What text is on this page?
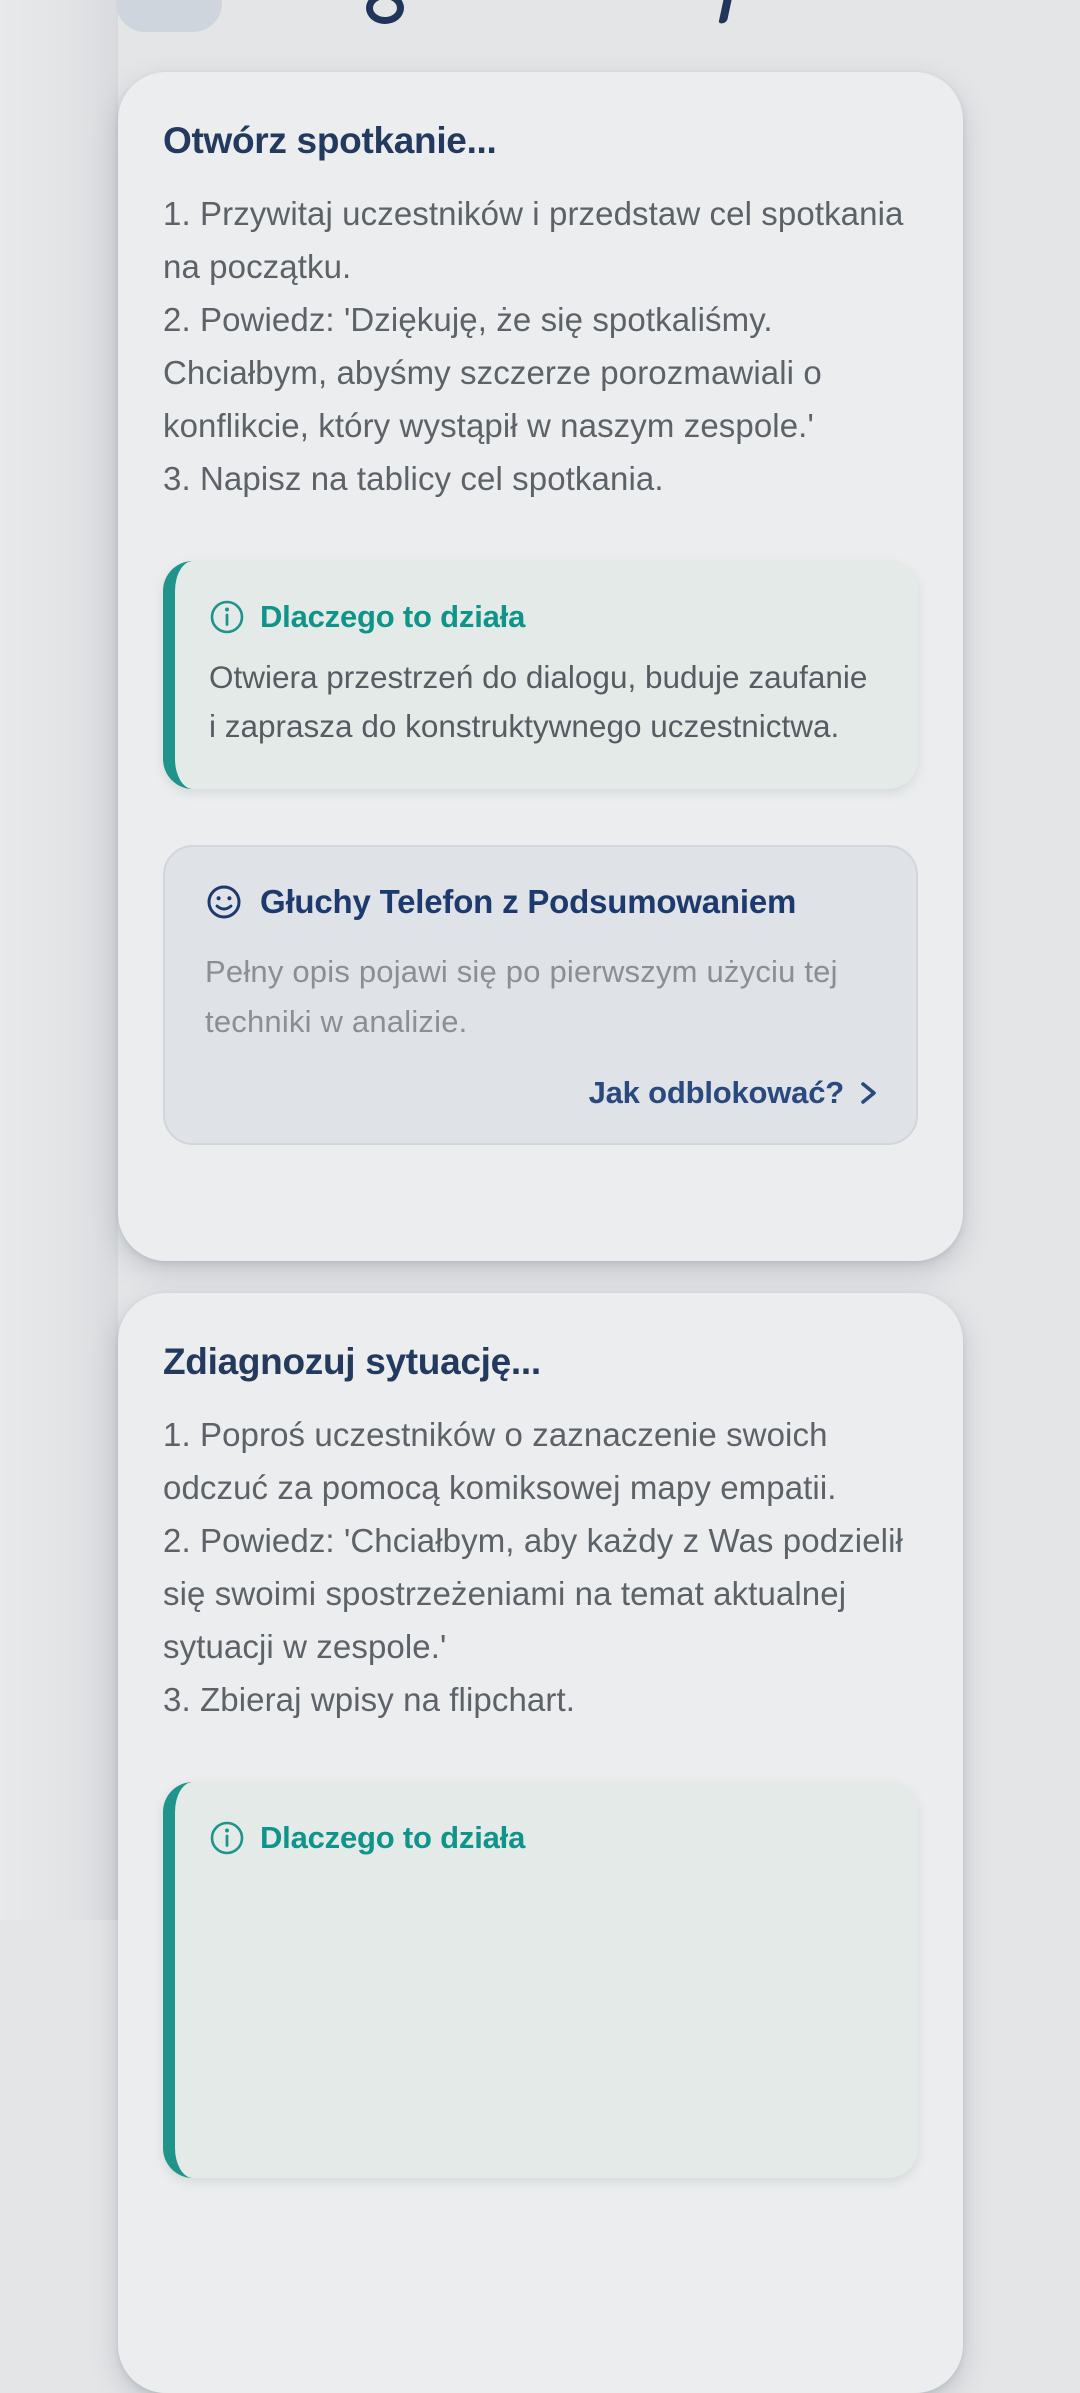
Otwórz spotkanie...
1. Przywitaj uczestników i przedstaw cel spotkania na początku.
2. Powiedz: 'Dziękuję, że się spotkaliśmy. Chciałbym, abyśmy szczerze porozmawiali o konflikcie, który wystąpił w naszym zespole.'
3. Napisz na tablicy cel spotkania.
Dlaczego to działa

Otwiera przestrzeń do dialogu, buduje zaufanie i zaprasza do konstruktywnego uczestnictwa.

Głuchy Telefon z Podsumowaniem

Pełny opis pojawi się po pierwszym użyciu tej techniki w analizie.

Jak odblokować?
Zdiagnozuj sytuację...
1. Poproś uczestników o zaznaczenie swoich odczuć za pomocą komiksowej mapy empatii.
2. Powiedz: 'Chciałbym, aby każdy z Was podzielił się swoimi spostrzeżeniami na temat aktualnej sytuacji w zespole.'
3. Zbieraj wpisy na flipchart.
Dlaczego to działa
